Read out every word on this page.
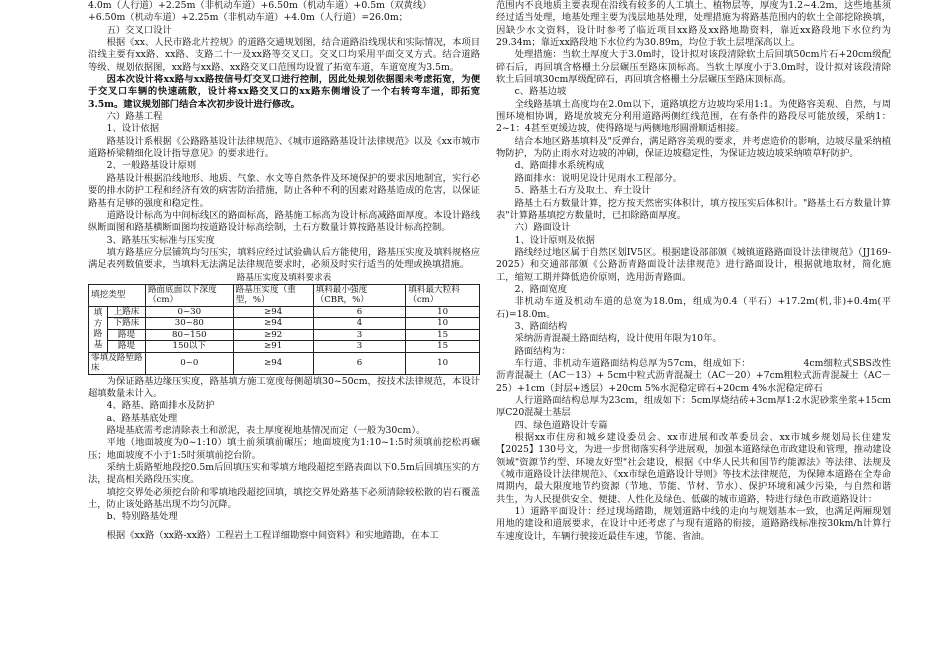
4.0m（人行道）+2.25m（非机动车道）+6.50m（机动车道）+0.5m（双黄线）

+6.50m（机动车道）+2.25m（非机动车道）+4.0m（人行道）=26.0m；

五）交叉口设计

根据《xx、人民市路北片控规》的道路交通规划图，结合道路沿线现状和实际情况，本项目沿线主要有xx路、xx路、支路二十一及xx路等交叉口。交叉口均采用平面交叉方式。结合道路等级、规划依据图，xx路与xx路、xx路交叉口范围均设置了拓宽车道，车道宽度为3.5m。

因本次设计将xx路与xx路按信号灯交叉口进行控制，因此处规划依据图未考虑拓宽，为便于交叉口车辆的快速疏散，设计将xx路交叉口的xx路东侧增设了一个右转弯车道，即拓宽3.5m。建议规划部门结合本次初步设计进行修改。

六）路基工程

1、设计依据

路基设计系根据《公路路基设计法律规范》、《城市道路路基设计法律规范》以及《xx市城市道路桥梁精细化设计指导意见》的要求进行。

2、一般路基设计原则

路基设计根据沿线地形、地质、气象、水文等自然条件及环境保护的要求因地制宜，实行必要的排水防护工程和经济有效的病害防治措施，防止各种不利的因素对路基造成的危害，以保证路基有足够的强度和稳定性。

道路设计标高为中间标线区的路面标高，路基施工标高为设计标高减路面厚度。本设计路线纵断面图和路基横断面图均按道路设计标高绘制，土石方数量计算按路基设计标高控制。

3、路基压实标准与压实度

填方路基应分层铺筑均匀压实，填料应经过试验确认后方能使用，路基压实度及填料规格应满足表列数值要求，当填料无法满足法律规范要求时，必须及时实行适当的处理或换填措施。

路基压实度及填料要求表
填挖类型		路面底面以下深度（cm）	路基压实度（重型，%）	填料最小强度（CBR，%）	填料最大粒料（cm）
填方路基	上路床	0~30	≥94	6	10
	下路床	30~80	≥94	4	10
	路堤	80~150	≥92	3	15
	路堤	150以下	≥91	3	15
零填及路堑路床		0~0	≥94	6	10

为保证路基边缘压实度，路基填方施工宽度每侧超填30~50cm，按技术法律规范，本设计超填数量未计入。

4、路基、路面排水及防护

a、路基基底处理

路堤基底需考虑清除表土和淤泥，表土厚度视地基情况而定（一般为30cm）。

平地（地面坡度为0~1:10）填土前须填前碾压；地面坡度为1:10~1:5时须填前挖松再碾压；地面坡度不小于1:5时须填前挖台阶。

采纳土质路堑地段挖0.5m后回填压实和零填方地段超挖至路表面以下0.5m后回填压实的方法，提高相关路段压实度。

填挖交界处必须挖台阶和零填地段超挖回填，填挖交界处路基下必须清除较松散的岩石覆盖土，防止该处路基出现不均匀沉降。

b、特别路基处理

根据《xx路（xx路-xx路）工程岩土工程详细勘察中间资料》和实地踏勘，在本工

范围内不良地质主要表现在沿线有较多的人工填土、植物层等，厚度为1.2~4.2m，这些地基须经过适当处理，地基处理主要为浅层地基处理，处理措施为将路基范围内的软土全部挖除换填，因缺少水文资料，设计时参考了临近项目xx路及xx路地勘资料，靠近xx路段地下水位约为29.34m；靠近xx路段地下水位约为30.89m，均位于软土层埋深高以上。

处理措施：当软土厚度大于3.0m时，设计拟对该段清除软土后回填50cm片石+20cm级配碎石后，再回填含格栅土分层碾压至路床顶标高。当软土厚度小于3.0m时，设计拟对该段清除软土后回填30cm厚级配碎石，再回填含格栅土分层碾压至路床顶标高。

c、路基边坡

全线路基填土高度均在2.0m以下，道路填挖方边坡均采用1:1。为使路容美观、自然，与周围环境相协调，路堤放坡充分利用道路两侧红线范围，在有条件的路段尽可能放缓，采纳1：2~1：4甚至更缓边坡，使得路堤与两侧地形圆滑顺适相接。

结合本地区路基填料及"反弹台，满足路容美观的要求，并考虑造价的影响，边坡尽量采纳植物防护，为防止雨水对边坡的冲刷，保证边坡稳定性，为保证边坡边坡采纳喷草籽防护。

d、路面排水系统构成

路面排水：说明见设计见雨水工程部分。

5、路基土石方及取土、弃土设计

路基土石方数量计算，挖方按天然密实体积计，填方按压实后体积计。"路基土石方数量计算表"计算路基填挖方数量时，已扣除路面厚度。

六）路面设计

1、设计原则及依据

路线经过地区属于自然区划IV5区。根据建设部部颁《城镇道路路面设计法律规范》（JJ169-2025）和交通部部颁《公路沥青路面设计法律规范》进行路面设计，根据就地取材，简化施工，缩短工期并降低造价原则，选用沥青路面。

2、路面宽度

非机动车道及机动车道的总宽为18.0m，组成为0.4（平石）+17.2m(机,非)+0.4m(平石)=18.0m。

3、路面结构

采纳沥青混凝土路面结构，设计使用年限为10年。

路面结构为：

车行道、非机动车道路面结构总厚为57cm，组成如下：　　　　　　4cm细粒式SBS改性沥青混凝土（AC－13）+ 5cm中粒式沥青混凝土（AC－20）+7cm粗粒式沥青混凝土（AC－25）+1cm（封层+透层）+20cm 5%水泥稳定碎石+20cm 4%水泥稳定碎石

人行道路面结构总厚为23cm，组成如下：5cm厚烧结砖+3cm厚1:2水泥砂浆坐浆+15cm厚C20混凝土基层

四、绿色道路设计专篇

根据xx市住房和城乡建设委员会、xx市进展和改革委员会、xx市城乡规划局长住建发【2025】130号文，为进一步贯彻落实科学进展观，加强本道路绿色市政建设和管理，推动建设领域"资源节约型、环境友好型"社会建设，根据《中华人民共和国节约能源法》等法律、法规及《城市道路设计法律规范》、《xx市绿色道路设计导则》等技术法律规范，为保障本道路在全寿命周期内，最大限度地节约资源（节地、节能、节材、节水）、保护环境和减少污染，与自然和谐共生，为人民提供安全、便捷、人性化及绿色、低碳的城市道路，特进行绿色市政道路设计：

1）道路平面设计：经过现场踏勘，规划道路中线的走向与规划基本一致，也满足两厢现划用地的建设和道展要求，在设计中还考虑了与现有道路的衔接，道路路线标准按30km/h计算行车速度设计，车辆行驶接近最佳车速，节能、省油。
